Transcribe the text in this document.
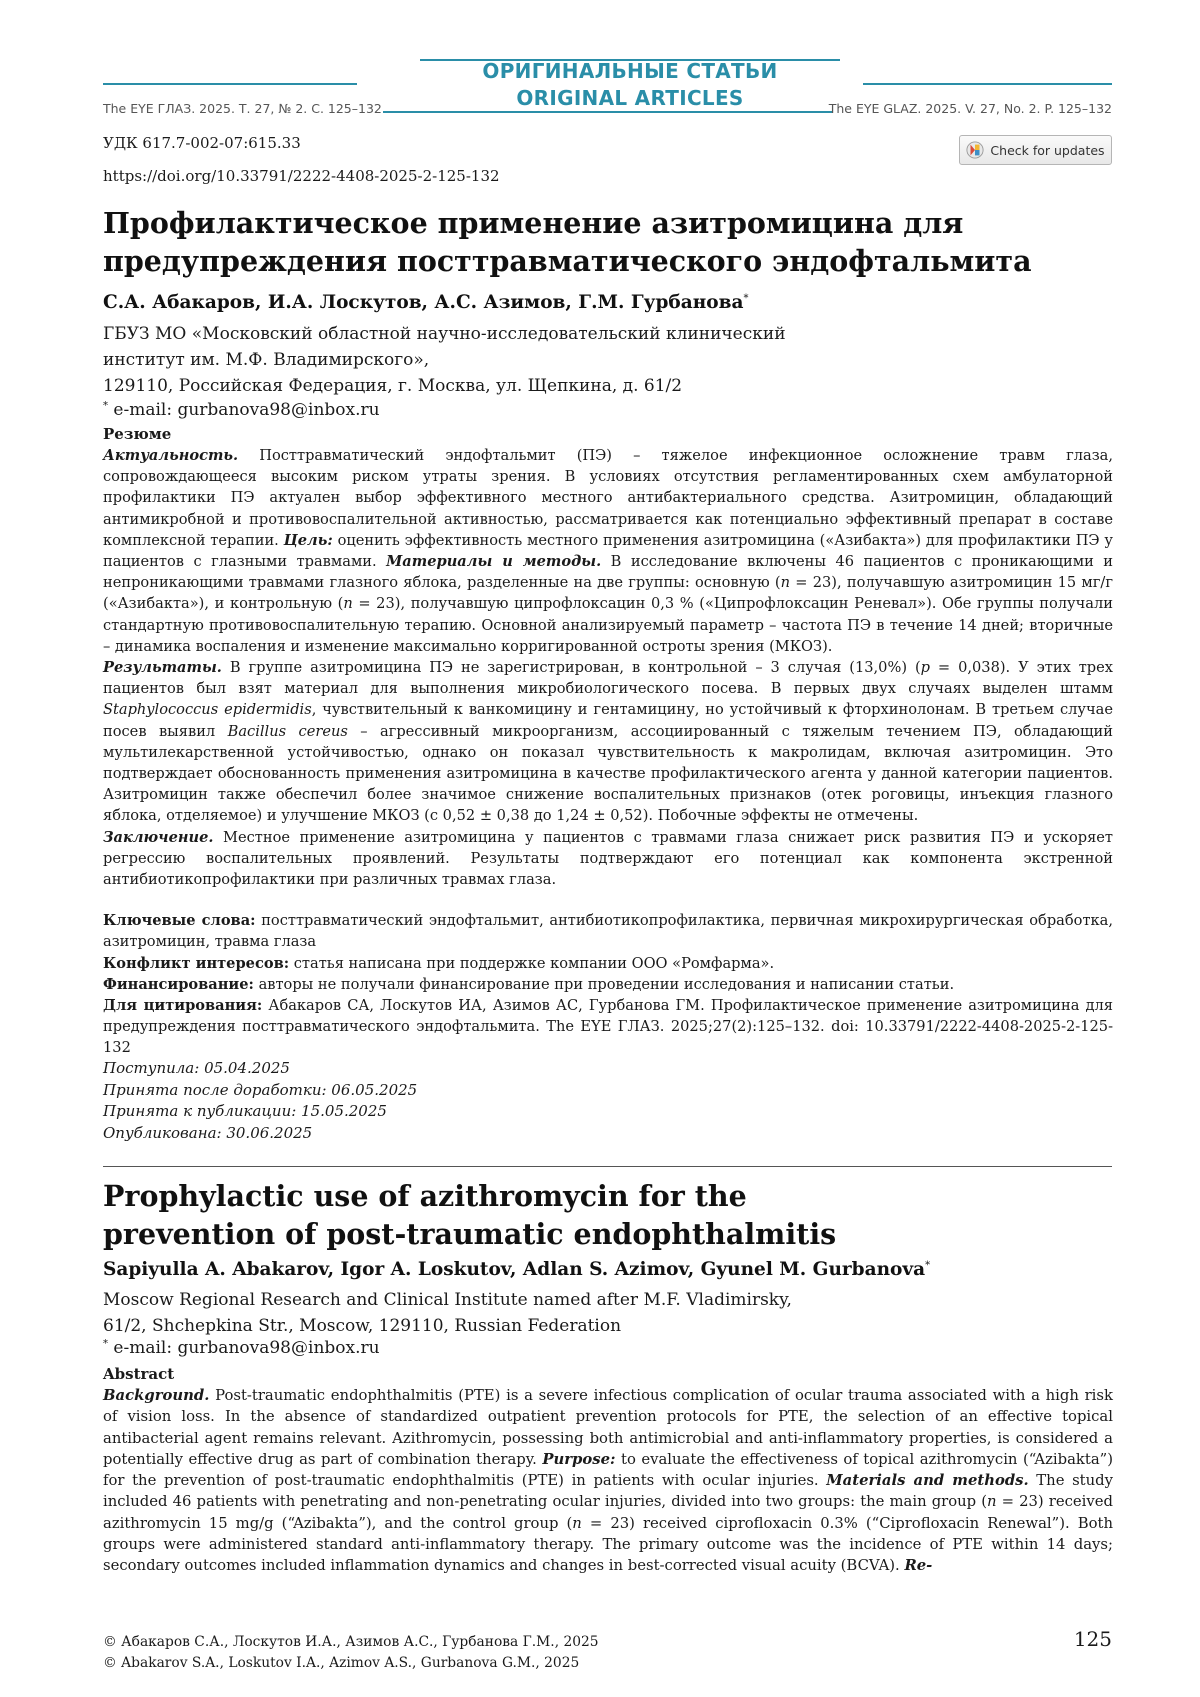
ОРИГИНАЛЬНЫЕ СТАТЬИ
ORIGINAL ARTICLES
The EYE ГЛАЗ. 2025. Т. 27, № 2. С. 125–132	The EYE GLAZ. 2025. V. 27, No. 2. P. 125–132
УДК 617.7-002-07:615.33
https://doi.org/10.33791/2222-4408-2025-2-125-132
Check for updates
Профилактическое применение азитромицина для предупреждения посттравматического эндофтальмита
С.А. Абакаров, И.А. Лоскутов, А.С. Азимов, Г.М. Гурбанова*
ГБУЗ МО «Московский областной научно-исследовательский клинический институт им. М.Ф. Владимирского»,
129110, Российская Федерация, г. Москва, ул. Щепкина, д. 61/2
* e-mail: gurbanova98@inbox.ru
Резюме

Актуальность. Посттравматический эндофтальмит (ПЭ) – тяжелое инфекционное осложнение травм глаза, сопровождающееся высоким риском утраты зрения. В условиях отсутствия регламентированных схем амбулаторной профилактики ПЭ актуален выбор эффективного местного антибактериального средства. Азитромицин, обладающий антимикробной и противовоспалительной активностью, рассматривается как потенциально эффективный препарат в составе комплексной терапии. Цель: оценить эффективность местного применения азитромицина («Азибакта») для профилактики ПЭ у пациентов с глазными травмами. Материалы и методы. В исследование включены 46 пациентов с проникающими и непроникающими травмами глазного яблока, разделенные на две группы: основную (n = 23), получавшую азитромицин 15 мг/г («Азибакта»), и контрольную (n = 23), получавшую ципрофлоксацин 0,3 % («Ципрофлоксацин Реневал»). Обе группы получали стандартную противовоспалительную терапию. Основной анализируемый параметр – частота ПЭ в течение 14 дней; вторичные – динамика воспаления и изменение максимально корригированной остроты зрения (МКОЗ).
Результаты. В группе азитромицина ПЭ не зарегистрирован, в контрольной – 3 случая (13,0%) (p = 0,038). У этих трех пациентов был взят материал для выполнения микробиологического посева. В первых двух случаях выделен штамм Staphylococcus epidermidis, чувствительный к ванкомицину и гентамицину, но устойчивый к фторхинолонам. В третьем случае посев выявил Bacillus cereus – агрессивный микроорганизм, ассоциированный с тяжелым течением ПЭ, обладающий мультилекарственной устойчивостью, однако он показал чувствительность к макролидам, включая азитромицин. Это подтверждает обоснованность применения азитромицина в качестве профилактического агента у данной категории пациентов. Азитромицин также обеспечил более значимое снижение воспалительных признаков (отек роговицы, инъекция глазного яблока, отделяемое) и улучшение МКОЗ (с 0,52 ± 0,38 до 1,24 ± 0,52). Побочные эффекты не отмечены.
Заключение. Местное применение азитромицина у пациентов с травмами глаза снижает риск развития ПЭ и ускоряет регрессию воспалительных проявлений. Результаты подтверждают его потенциал как компонента экстренной антибиотикопрофилактики при различных травмах глаза.

Ключевые слова: посттравматический эндофтальмит, антибиотикопрофилактика, первичная микрохирургическая обработка, азитромицин, травма глаза

Конфликт интересов: статья написана при поддержке компании ООО «Ромфарма».

Финансирование: авторы не получали финансирование при проведении исследования и написании статьи.

Для цитирования: Абакаров СА, Лоскутов ИА, Азимов АС, Гурбанова ГМ. Профилактическое применение азитромицина для предупреждения посттравматического эндофтальмита. The EYE ГЛАЗ. 2025;27(2):125–132. doi: 10.33791/2222-4408-2025-2-125-132

Поступила: 05.04.2025
Принята после доработки: 06.05.2025
Принята к публикации: 15.05.2025
Опубликована: 30.06.2025
Prophylactic use of azithromycin for the prevention of post-traumatic endophthalmitis
Sapiyulla A. Abakarov, Igor A. Loskutov, Adlan S. Azimov, Gyunel M. Gurbanova*
Moscow Regional Research and Clinical Institute named after M.F. Vladimirsky,
61/2, Shchepkina Str., Moscow, 129110, Russian Federation
* e-mail: gurbanova98@inbox.ru
Abstract

Background. Post-traumatic endophthalmitis (PTE) is a severe infectious complication of ocular trauma associated with a high risk of vision loss. In the absence of standardized outpatient prevention protocols for PTE, the selection of an effective topical antibacterial agent remains relevant. Azithromycin, possessing both antimicrobial and anti-inflammatory properties, is considered a potentially effective drug as part of combination therapy. Purpose: to evaluate the effectiveness of topical azithromycin (“Azibakta”) for the prevention of post-traumatic endophthalmitis (PTE) in patients with ocular injuries. Materials and methods. The study included 46 patients with penetrating and non-penetrating ocular injuries, divided into two groups: the main group (n = 23) received azithromycin 15 mg/g (“Azibakta”), and the control group (n = 23) received ciprofloxacin 0.3% (“Ciprofloxacin Renewal”). Both groups were administered standard anti-inflammatory therapy. The primary outcome was the incidence of PTE within 14 days; secondary outcomes included inflammation dynamics and changes in best-corrected visual acuity (BCVA). Re-

© Абакаров С.А., Лоскутов И.А., Азимов А.С., Гурбанова Г.М., 2025
© Abakarov S.A., Loskutov I.A., Azimov A.S., Gurbanova G.M., 2025
125
